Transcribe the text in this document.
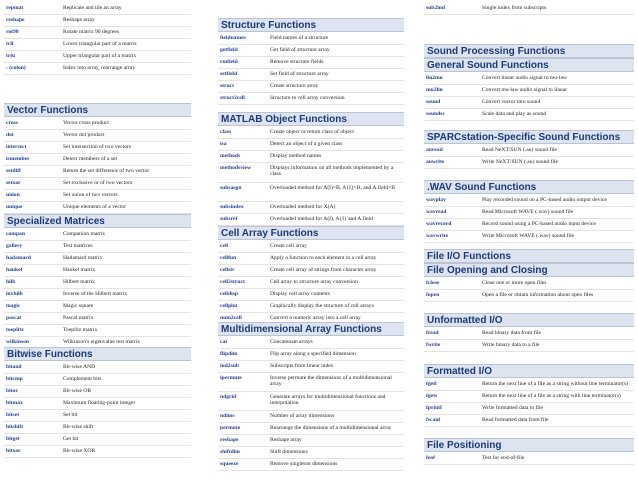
repmat	Replicate and tile an array
reshape	Reshape array
rot90	Rotate matrix 90 degrees
tril	Lower triangular part of a matrix
triu	Upper triangular part of a matrix
: (colon)	Index into array, rearrange array
Vector Functions
cross	Vector cross product
dot	Vector dot product
intersect	Set intersection of two vectors
ismember	Detect members of a set
setdiff	Return the set difference of two vector
setxor	Set exclusive or of two vectors
union	Set union of two vectors
unique	Unique elements of a vector
Specialized Matrices
compan	Companion matrix
gallery	Test matrices
hadamard	Hadamard matrix
hankel	Hankel matrix
hilb	Hilbert matrix
invhilb	Inverse of the Hilbert matrix
magic	Magic square
pascal	Pascal matrix
toeplitz	Toeplitz matrix
wilkinson	Wilkinson's eigenvalue test matrix
Bitwise Functions
bitand	Bit-wise AND
bitcmp	Complement bits
bitor	Bit-wise OR
bitmax	Maximum floating-point integer
bitset	Set bit
bitshift	Bit-wise shift
bitget	Get bit
bitxor	Bit-wise XOR
Structure Functions
fieldnames	Field names of a structure
getfield	Get field of structure array
rmfield	Remove structure fields
setfield	Set field of structure array
struct	Create structure array
struct2cell	Structure to cell array conversion
MATLAB Object Functions
class	Create object or return class of object
isa	Detect an object of a given class
methods	Display method names
methodsview	Displays information on all methods implemented by a class
subsasgn	Overloaded method for A(I)=B, A{I}=B, and A.field=B
subsindex	Overloaded method for X(A)
subsref	Overloaded method for A(I), A{I} and A.field
Cell Array Functions
cell	Create cell array
cellfun	Apply a function to each element in a cell array
cellstr	Create cell array of strings from character array
cell2struct	Cell array to structure array conversion
celldisp	Display cell array contents
cellplot	Graphically display the structure of cell arrays
num2cell	Convert a numeric array into a cell array
Multidimensional Array Functions
cat	Concatenate arrays
flipdim	Flip array along a specified dimension
ind2sub	Subscripts from linear index
ipermute	Inverse permute the dimensions of a multidimensional array
ndgrid	Generate arrays for multidimensional functions and interpolation
ndims	Number of array dimensions
permute	Rearrange the dimensions of a multidimensional array
reshape	Reshape array
shiftdim	Shift dimensions
squeeze	Remove singleton dimensions
sub2ind	Single index from subscripts
Sound Processing Functions
General Sound Functions
lin2mu	Convert linear audio signal to mu-law
mu2lin	Convert mu-law audio signal to linear
sound	Convert vector into sound
soundsc	Scale data and play as sound
SPARCstation-Specific Sound Functions
auread	Read NeXT/SUN (.au) sound file
auwrite	Write NeXT/SUN (.au) sound file
.WAV Sound Functions
wavplay	Play recorded sound on a PC-based audio output device
wavread	Read Microsoft WAVE (.wav) sound file
wavrecord	Record sound using a PC-based audio input device
wavwrite	Write Microsoft WAVE (.wav) sound file
File I/O Functions
File Opening and Closing
fclose	Close one or more open files
fopen	Open a file or obtain information about open files
Unformatted I/O
fread	Read binary data from file
fwrite	Write binary data to a file
Formatted I/O
fgetl	Return the next line of a file as a string without line terminator(s)
fgets	Return the next line of a file as a string with line terminator(s)
fprintf	Write formatted data to file
fscanf	Read formatted data from file
File Positioning
feof	Test for end-of-file
